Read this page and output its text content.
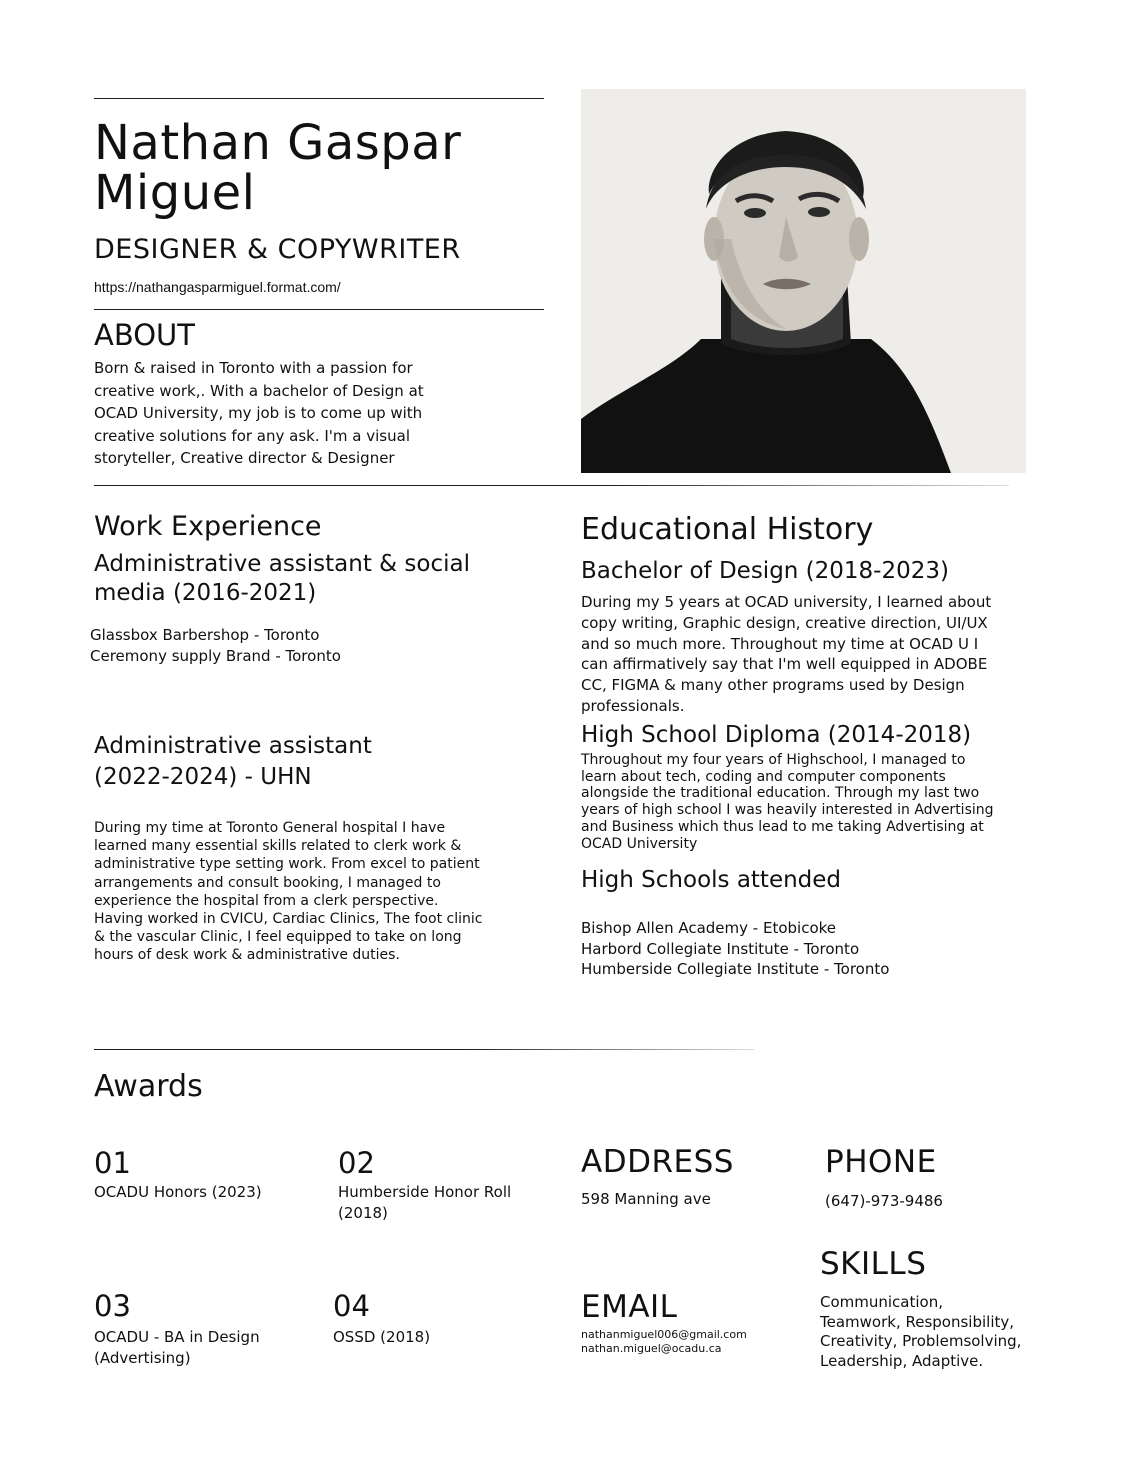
Nathan Gaspar
Miguel
DESIGNER & COPYWRITER
https://nathangasparmiguel.format.com/
ABOUT
Born & raised in Toronto with a passion for
creative work,. With a bachelor of Design at
OCAD University, my job is to come up with
creative solutions for any ask. I'm a visual
storyteller, Creative director & Designer
Work Experience
Administrative assistant & social
media (2016-2021)
Glassbox Barbershop - Toronto
Ceremony supply Brand - Toronto
Administrative assistant
(2022-2024) - UHN
During my time at Toronto General hospital I have
learned many essential skills related to clerk work &
administrative type setting work. From excel to patient
arrangements and consult booking, I managed to
experience the hospital from a clerk perspective.
Having worked in CVICU, Cardiac Clinics, The foot clinic
& the vascular Clinic, I feel equipped to take on long
hours of desk work & administrative duties.
Educational History
Bachelor of Design (2018-2023)
During my 5 years at OCAD university, I learned about
copy writing, Graphic design, creative direction, UI/UX
and so much more. Throughout my time at OCAD U I
can affirmatively say that I'm well equipped in ADOBE
CC, FIGMA & many other programs used by Design
professionals.
High School Diploma (2014-2018)
Throughout my four years of Highschool, I managed to
learn about tech, coding and computer components
alongside the traditional education. Through my last two
years of high school I was heavily interested in Advertising
and Business which thus lead to me taking Advertising at
OCAD University
High Schools attended
Bishop Allen Academy - Etobicoke
Harbord Collegiate Institute - Toronto
Humberside Collegiate Institute - Toronto
Awards
01
OCADU Honors (2023)
02
Humberside Honor Roll
(2018)
03
OCADU - BA in Design
(Advertising)
04
OSSD (2018)
ADDRESS
598 Manning ave
PHONE
(647)-973-9486
EMAIL
nathanmiguel006@gmail.com
nathan.miguel@ocadu.ca
SKILLS
Communication,
Teamwork, Responsibility,
Creativity, Problemsolving,
Leadership, Adaptive.
